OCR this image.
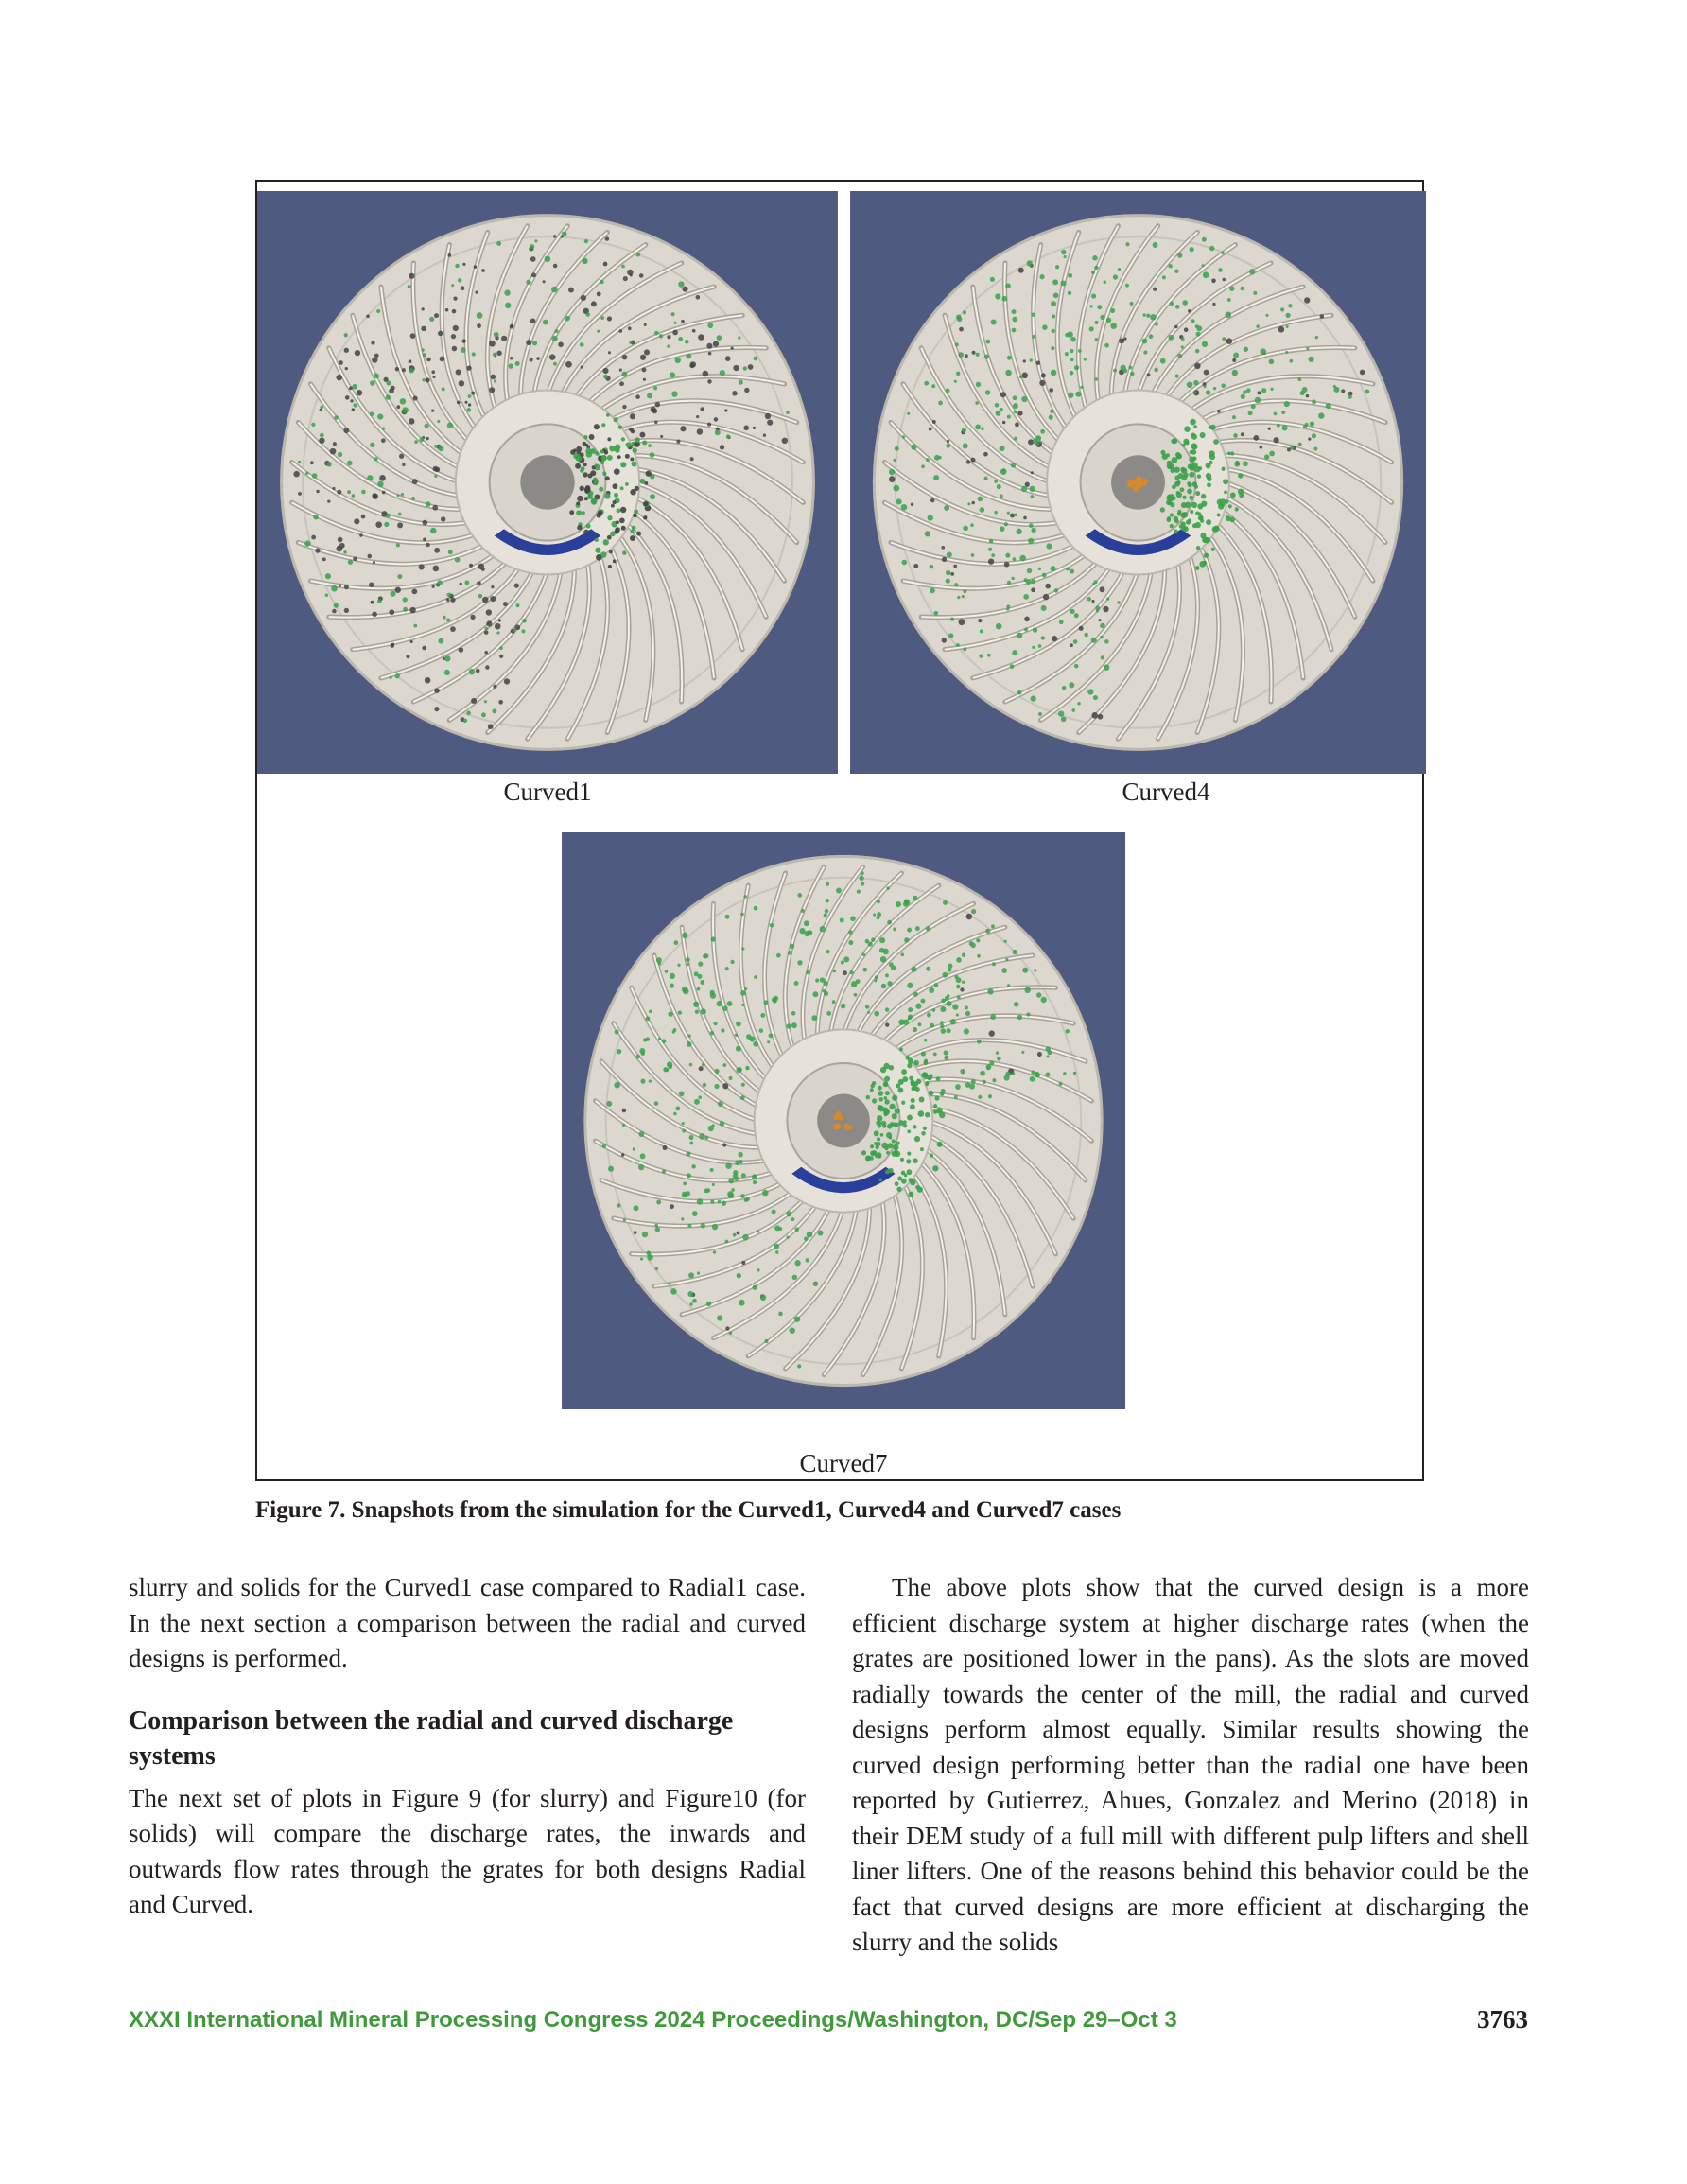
Curved1	Curved4
Curved7
Figure 7. Snapshots from the simulation for the Curved1, Curved4 and Curved7 cases

slurry and solids for the Curved1 case compared to Radial1 case. In the next section a comparison between the radial and curved designs is performed.

Comparison between the radial and curved discharge systems

The next set of plots in Figure 9 (for slurry) and Figure10 (for solids) will compare the discharge rates, the inwards and outwards flow rates through the grates for both designs Radial and Curved.

The above plots show that the curved design is a more efficient discharge system at higher discharge rates (when the grates are positioned lower in the pans). As the slots are moved radially towards the center of the mill, the radial and curved designs perform almost equally. Similar results showing the curved design performing better than the radial one have been reported by Gutierrez, Ahues, Gonzalez and Merino (2018) in their DEM study of a full mill with different pulp lifters and shell liner lifters. One of the reasons behind this behavior could be the fact that curved designs are more efficient at discharging the slurry and the solids

XXXI International Mineral Processing Congress 2024 Proceedings/Washington, DC/Sep 29–Oct 3	3763
